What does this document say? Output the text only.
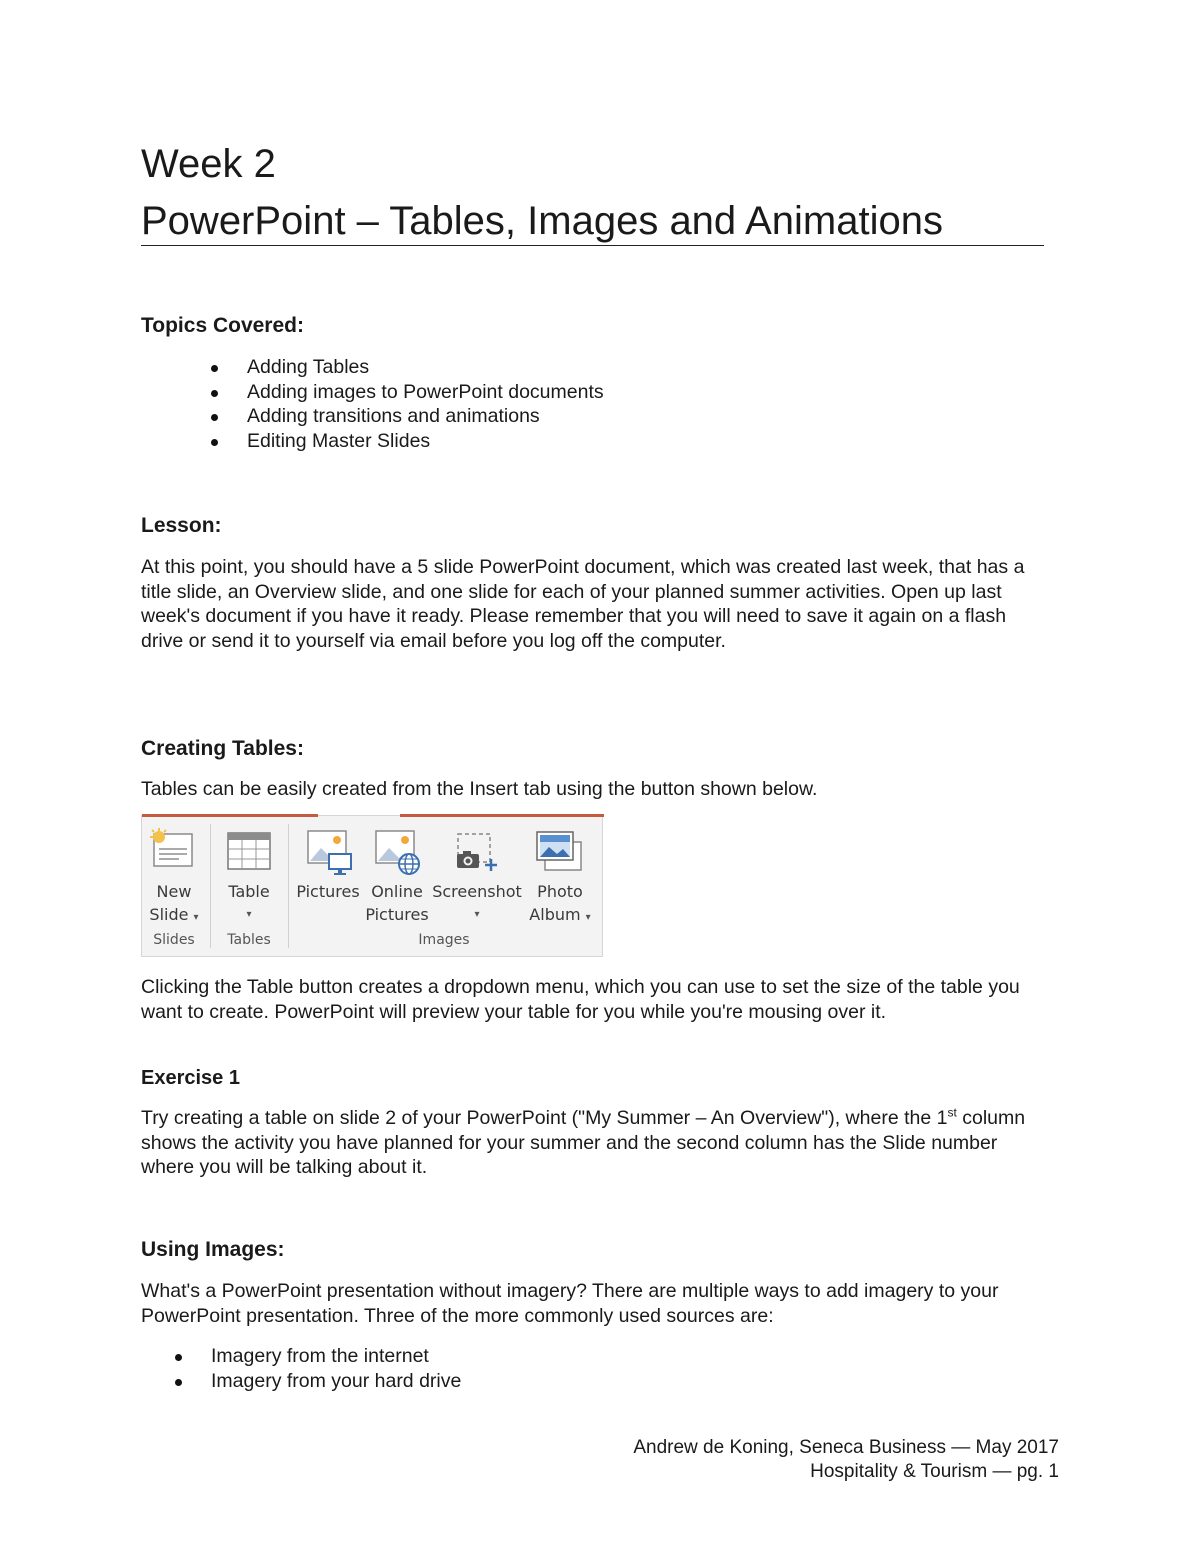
Week 2
PowerPoint – Tables, Images and Animations
Topics Covered:
Adding Tables
Adding images to PowerPoint documents
Adding transitions and animations
Editing Master Slides
Lesson:
At this point, you should have a 5 slide PowerPoint document, which was created last week, that has a title slide, an Overview slide, and one slide for each of your planned summer activities. Open up last week's document if you have it ready. Please remember that you will need to save it again on a flash drive or send it to yourself via email before you log off the computer.
Creating Tables:
Tables can be easily created from the Insert tab using the button shown below.
New
Slide ▾
Slides
Table
▾
Tables
Pictures Online
Pictures
Screenshot
▾
Photo
Album ▾
Images
Clicking the Table button creates a dropdown menu, which you can use to set the size of the table you want to create. PowerPoint will preview your table for you while you're mousing over it.
Exercise 1
Try creating a table on slide 2 of your PowerPoint ("My Summer – An Overview"), where the 1st column shows the activity you have planned for your summer and the second column has the Slide number where you will be talking about it.
Using Images:
What's a PowerPoint presentation without imagery? There are multiple ways to add imagery to your PowerPoint presentation. Three of the more commonly used sources are:
Imagery from the internet
Imagery from your hard drive
Andrew de Koning, Seneca Business — May 2017
Hospitality & Tourism — pg. 1
